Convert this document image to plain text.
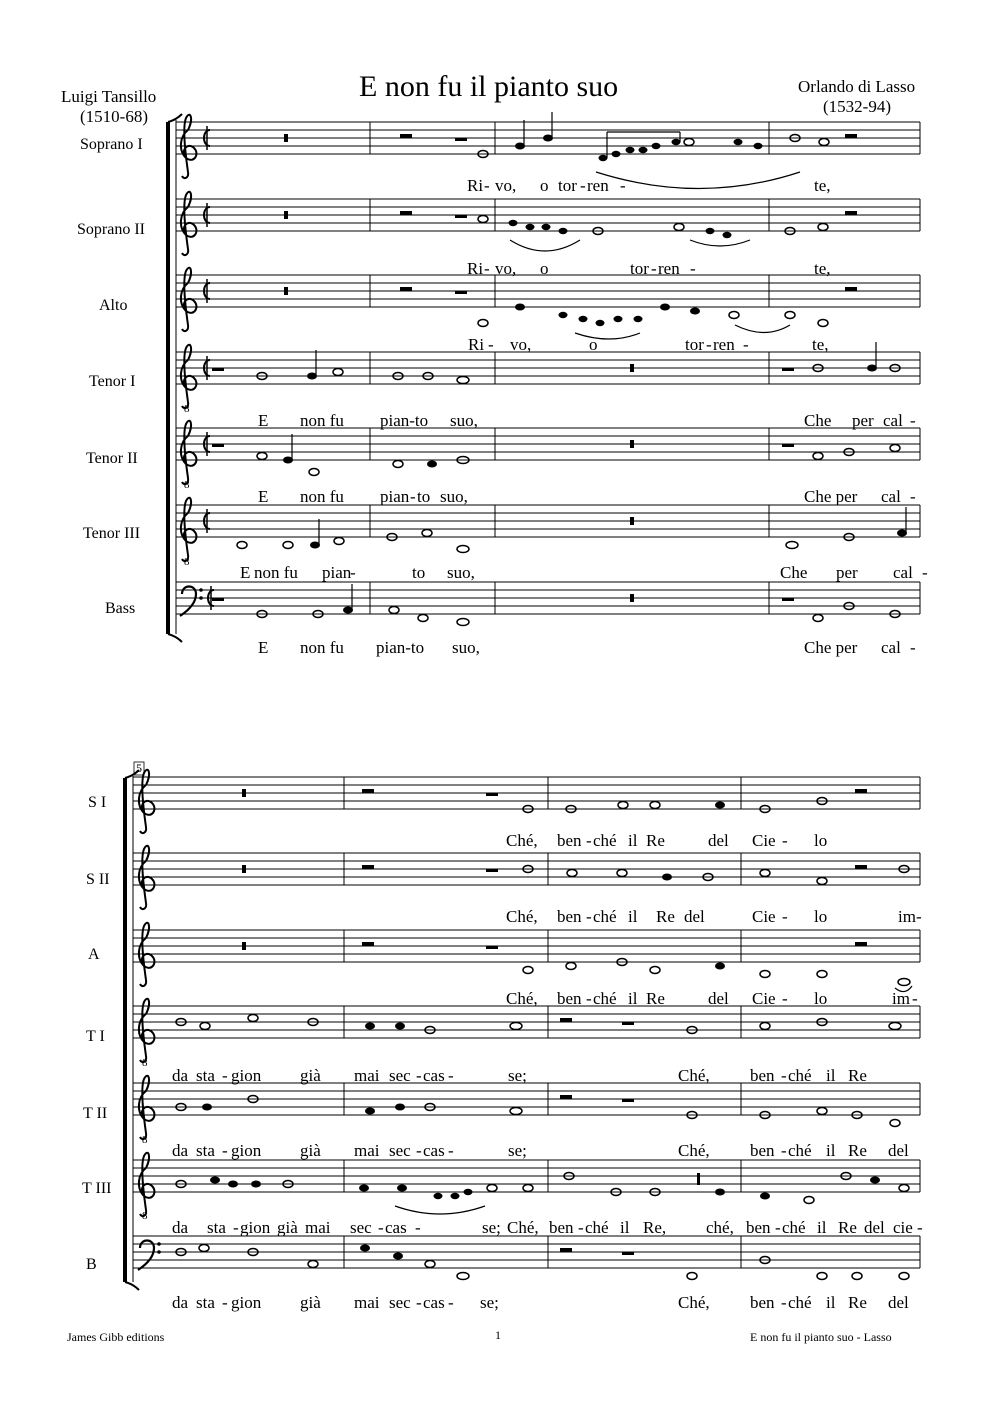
E non fu il pianto suo
Luigi Tansillo
(1510-68)
Orlando di Lasso
(1532-94)
8
8
8
8
8
8
Soprano I
Soprano II
Alto
Tenor I
Tenor II
Tenor III
Bass
Ri - vo, o tor - ren -	te,
Ri - vo, o	tor - ren -	te,
Ri - vo,	o	tor - ren -	te,
E non fu pian-to suo,	Che per cal -
E non fu pian - to suo,	Che per cal -
E non fu pian
-	to suo,	Che per cal -
E non fu pian-to suo,	Che per cal -
5
S I
S II
A
T I
T II
T III
B
Ché, ben - ché il Re	del Cie - lo
Ché, ben - ché il Re del	Cie - lo	im -
Ché, ben - ché il Re	del Cie - lo	im -
da sta - gion già mai sec - cas -	se;	Ché, ben - ché il Re
da sta - gion già mai sec - cas -	se;	Ché, ben - ché il Re del
da sta - gion già mai sec - cas -	se; Ché, ben - ché il Re, ché, ben - ché il Re del cie -
da sta - gion già mai sec - cas - se;	Ché, ben - ché il Re del
James Gibb editions	1	E non fu il pianto suo - Lasso
